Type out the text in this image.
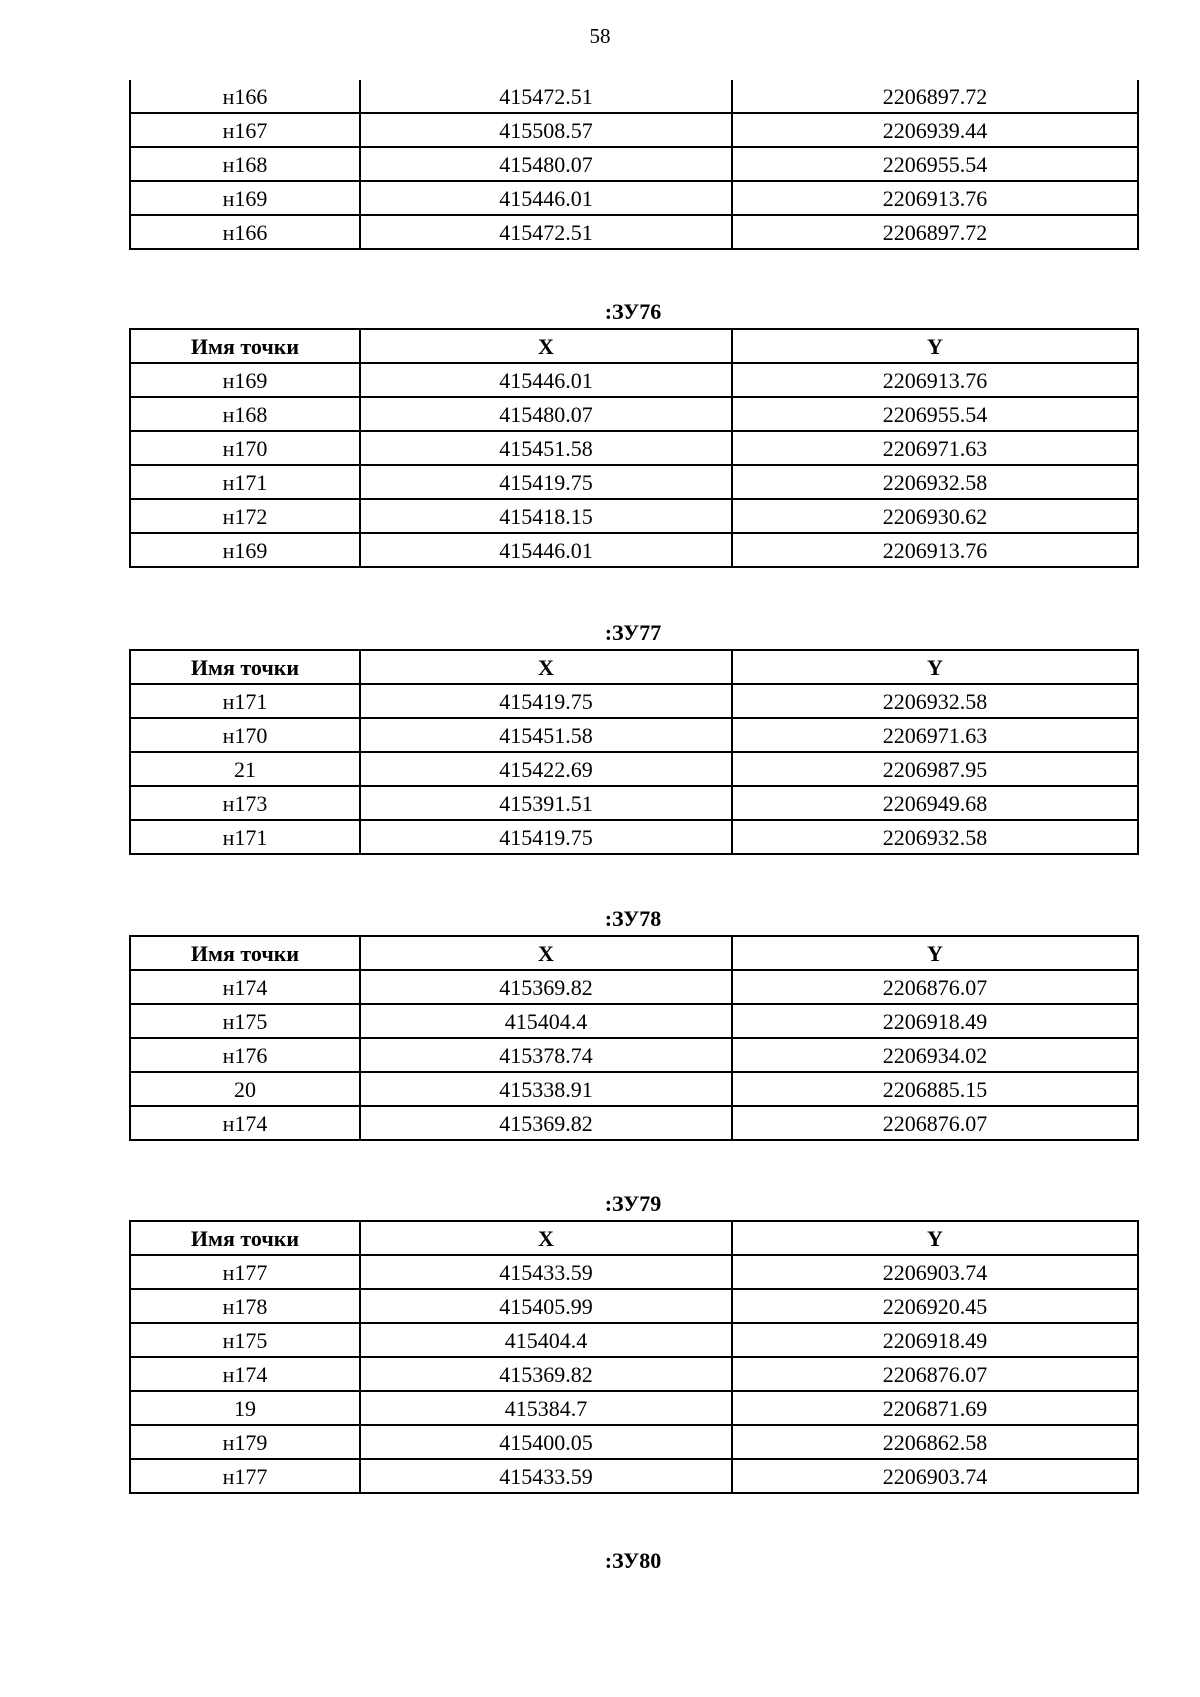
58
н166	415472.51	2206897.72
н167	415508.57	2206939.44
н168	415480.07	2206955.54
н169	415446.01	2206913.76
н166	415472.51	2206897.72
:ЗУ76
Имя точки	X	Y
н169	415446.01	2206913.76
н168	415480.07	2206955.54
н170	415451.58	2206971.63
н171	415419.75	2206932.58
н172	415418.15	2206930.62
н169	415446.01	2206913.76
:ЗУ77
Имя точки	X	Y
н171	415419.75	2206932.58
н170	415451.58	2206971.63
21	415422.69	2206987.95
н173	415391.51	2206949.68
н171	415419.75	2206932.58
:ЗУ78
Имя точки	X	Y
н174	415369.82	2206876.07
н175	415404.4	2206918.49
н176	415378.74	2206934.02
20	415338.91	2206885.15
н174	415369.82	2206876.07
:ЗУ79
Имя точки	X	Y
н177	415433.59	2206903.74
н178	415405.99	2206920.45
н175	415404.4	2206918.49
н174	415369.82	2206876.07
19	415384.7	2206871.69
н179	415400.05	2206862.58
н177	415433.59	2206903.74
:ЗУ80
